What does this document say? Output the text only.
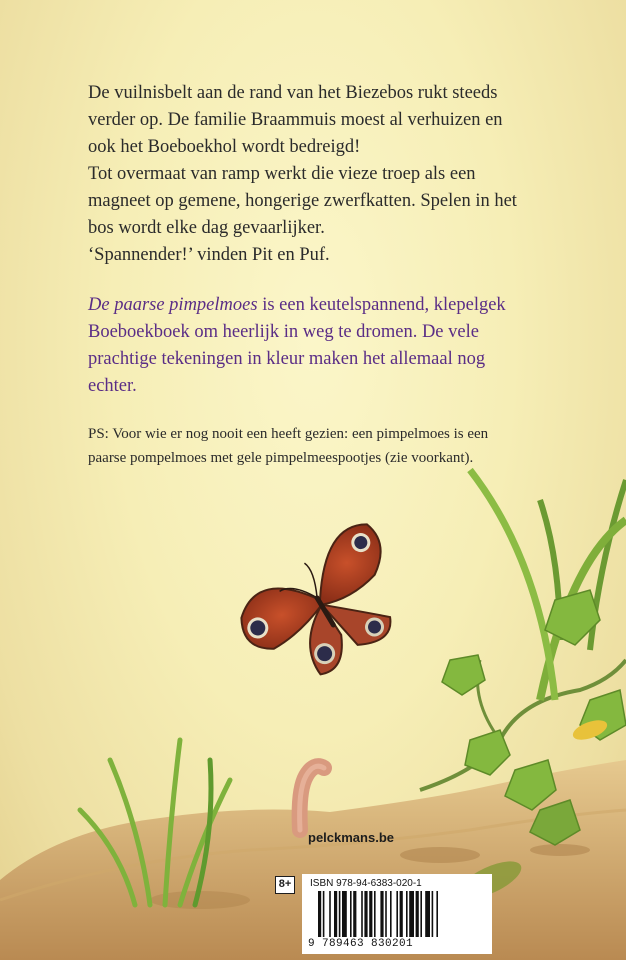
De vuilnisbelt aan de rand van het Biezebos rukt steeds
verder op. De familie Braammuis moest al verhuizen en
ook het Boeboekhol wordt bedreigd!
Tot overmaat van ramp werkt die vieze troep als een
magneet op gemene, hongerige zwerfkatten. Spelen in het
bos wordt elke dag gevaarlijker.
‘Spannender!’ vinden Pit en Puf.

De paarse pimpelmoes is een keutelspannend, klepelgek
Boeboekboek om heerlijk in weg te dromen. De vele
prachtige tekeningen in kleur maken het allemaal nog
echter.

PS: Voor wie er nog nooit een heeft gezien: een pimpelmoes is een
paarse pompelmoes met gele pimpelmeespootjes (zie voorkant).

pelckmans.be
8+	ISBN 978-94-6383-020-1
9 789463 830201
